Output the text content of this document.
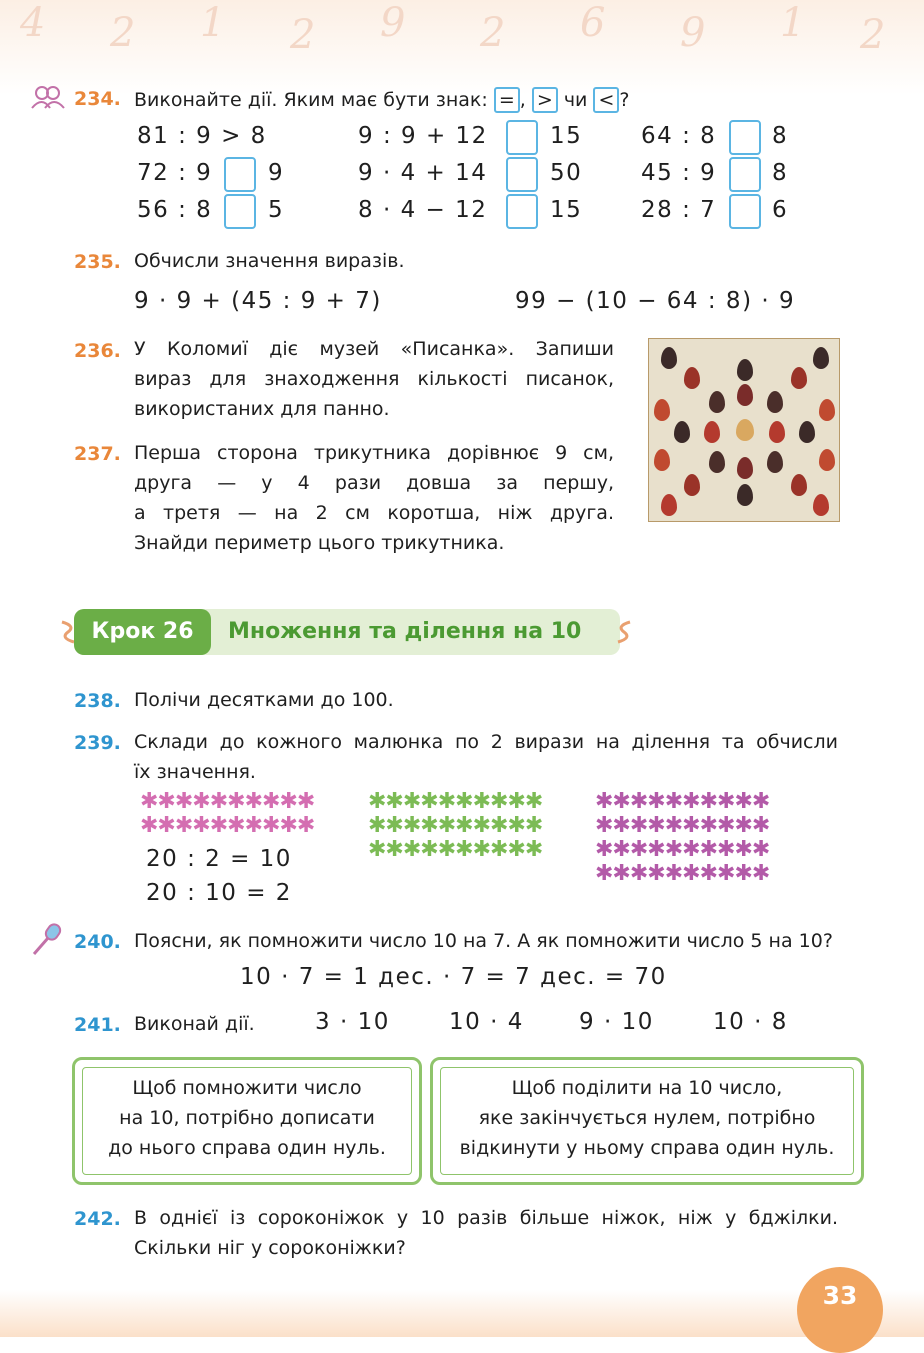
4 2 1 2 9 2 6 9 1 2
234. Виконайте дії. Яким має бути знак: = , > чи < ?
81 : 9 > 8	9 : 9 + 12	15	64 : 8 8
72 : 9 9	9 · 4 + 14	50	45 : 9 8
56 : 8 5	8 · 4 − 12	15	28 : 7 6
235. Обчисли значення виразів.
9 · 9 + (45 : 9 + 7)	99 − (10 − 64 : 8) · 9
236. У Коломиї діє музей «Писанка». Запиши
вираз для знаходження кількості писанок,
використаних для панно.
237. Перша сторона трикутника дорівнює 9 см,
друга — у 4 рази довша за першу,
а третя — на 2 см коротша, ніж друга.
Знайди периметр цього трикутника.
Крок 26	Множення та ділення на 10
238. Полічи десятками до 100.
239. Склади до кожного малюнка по 2 вирази на ділення та обчисли
їх значення.
✱✱✱✱✱✱✱✱✱✱
✱✱✱✱✱✱✱✱✱✱
20 : 2 = 10
20 : 10 = 2
✱✱✱✱✱✱✱✱✱✱
✱✱✱✱✱✱✱✱✱✱
✱✱✱✱✱✱✱✱✱✱
✱✱✱✱✱✱✱✱✱✱
✱✱✱✱✱✱✱✱✱✱
✱✱✱✱✱✱✱✱✱✱
✱✱✱✱✱✱✱✱✱✱
240. Поясни, як помножити число 10 на 7. А як помножити число 5 на 10?
10 · 7 = 1 дес. · 7 = 7 дес. = 70
241. Виконай дії.	3 · 10	10 · 4 9 · 10	10 · 8
Щоб помножити число
на 10, потрібно дописати
до нього справа один нуль.
Щоб поділити на 10 число,
яке закінчується нулем, потрібно
відкинути у ньому справа один нуль.
242. В однієї із сороконіжок у 10 разів більше ніжок, ніж у бджілки.
Скільки ніг у сороконіжки?
33
